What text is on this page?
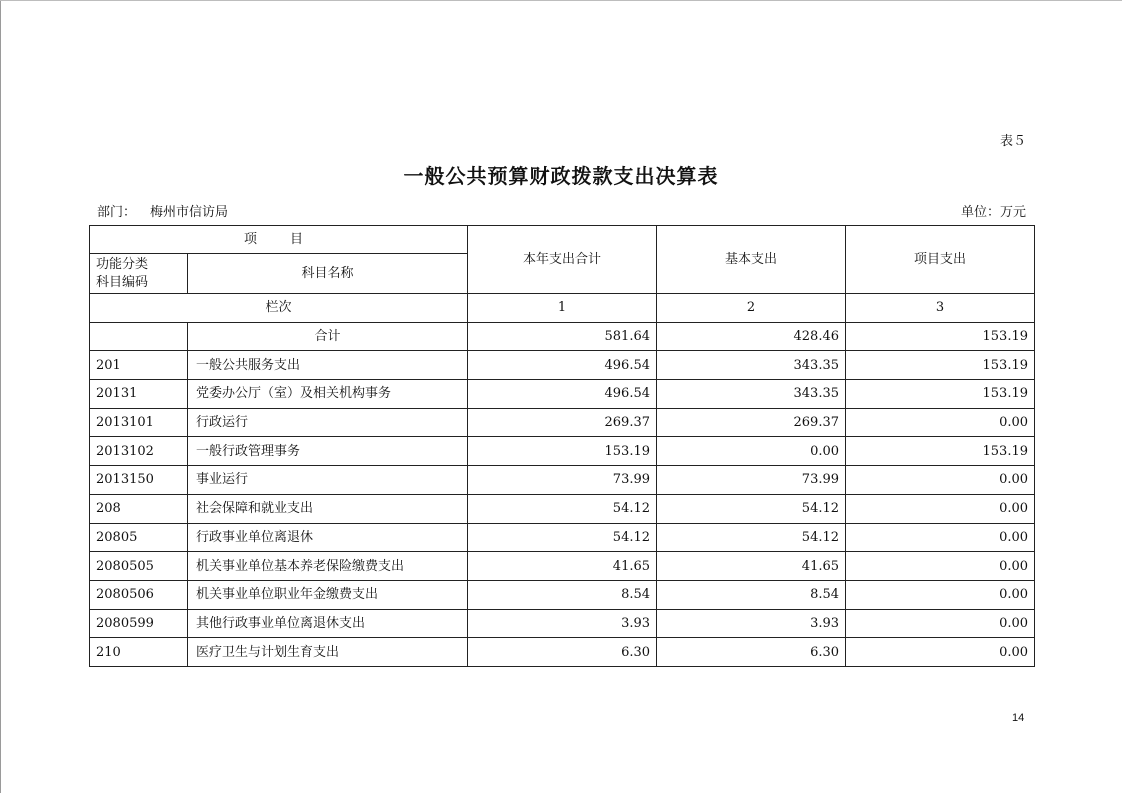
表５
一般公共预算财政拨款支出决算表
部门： 梅州市信访局	单位：万元
项　目		本年支出合计	基本支出	项目支出
功能分类
科目编码	科目名称			
栏次		1	2	3
	合计	581.64	428.46	153.19
201	一般公共服务支出	496.54	343.35	153.19
20131	党委办公厅（室）及相关机构事务	496.54	343.35	153.19
2013101	行政运行	269.37	269.37	0.00
2013102	一般行政管理事务	153.19	0.00	153.19
2013150	事业运行	73.99	73.99	0.00
208	社会保障和就业支出	54.12	54.12	0.00
20805	行政事业单位离退休	54.12	54.12	0.00
2080505	机关事业单位基本养老保险缴费支出	41.65	41.65	0.00
2080506	机关事业单位职业年金缴费支出	8.54	8.54	0.00
2080599	其他行政事业单位离退休支出	3.93	3.93	0.00
210	医疗卫生与计划生育支出	6.30	6.30	0.00
14
